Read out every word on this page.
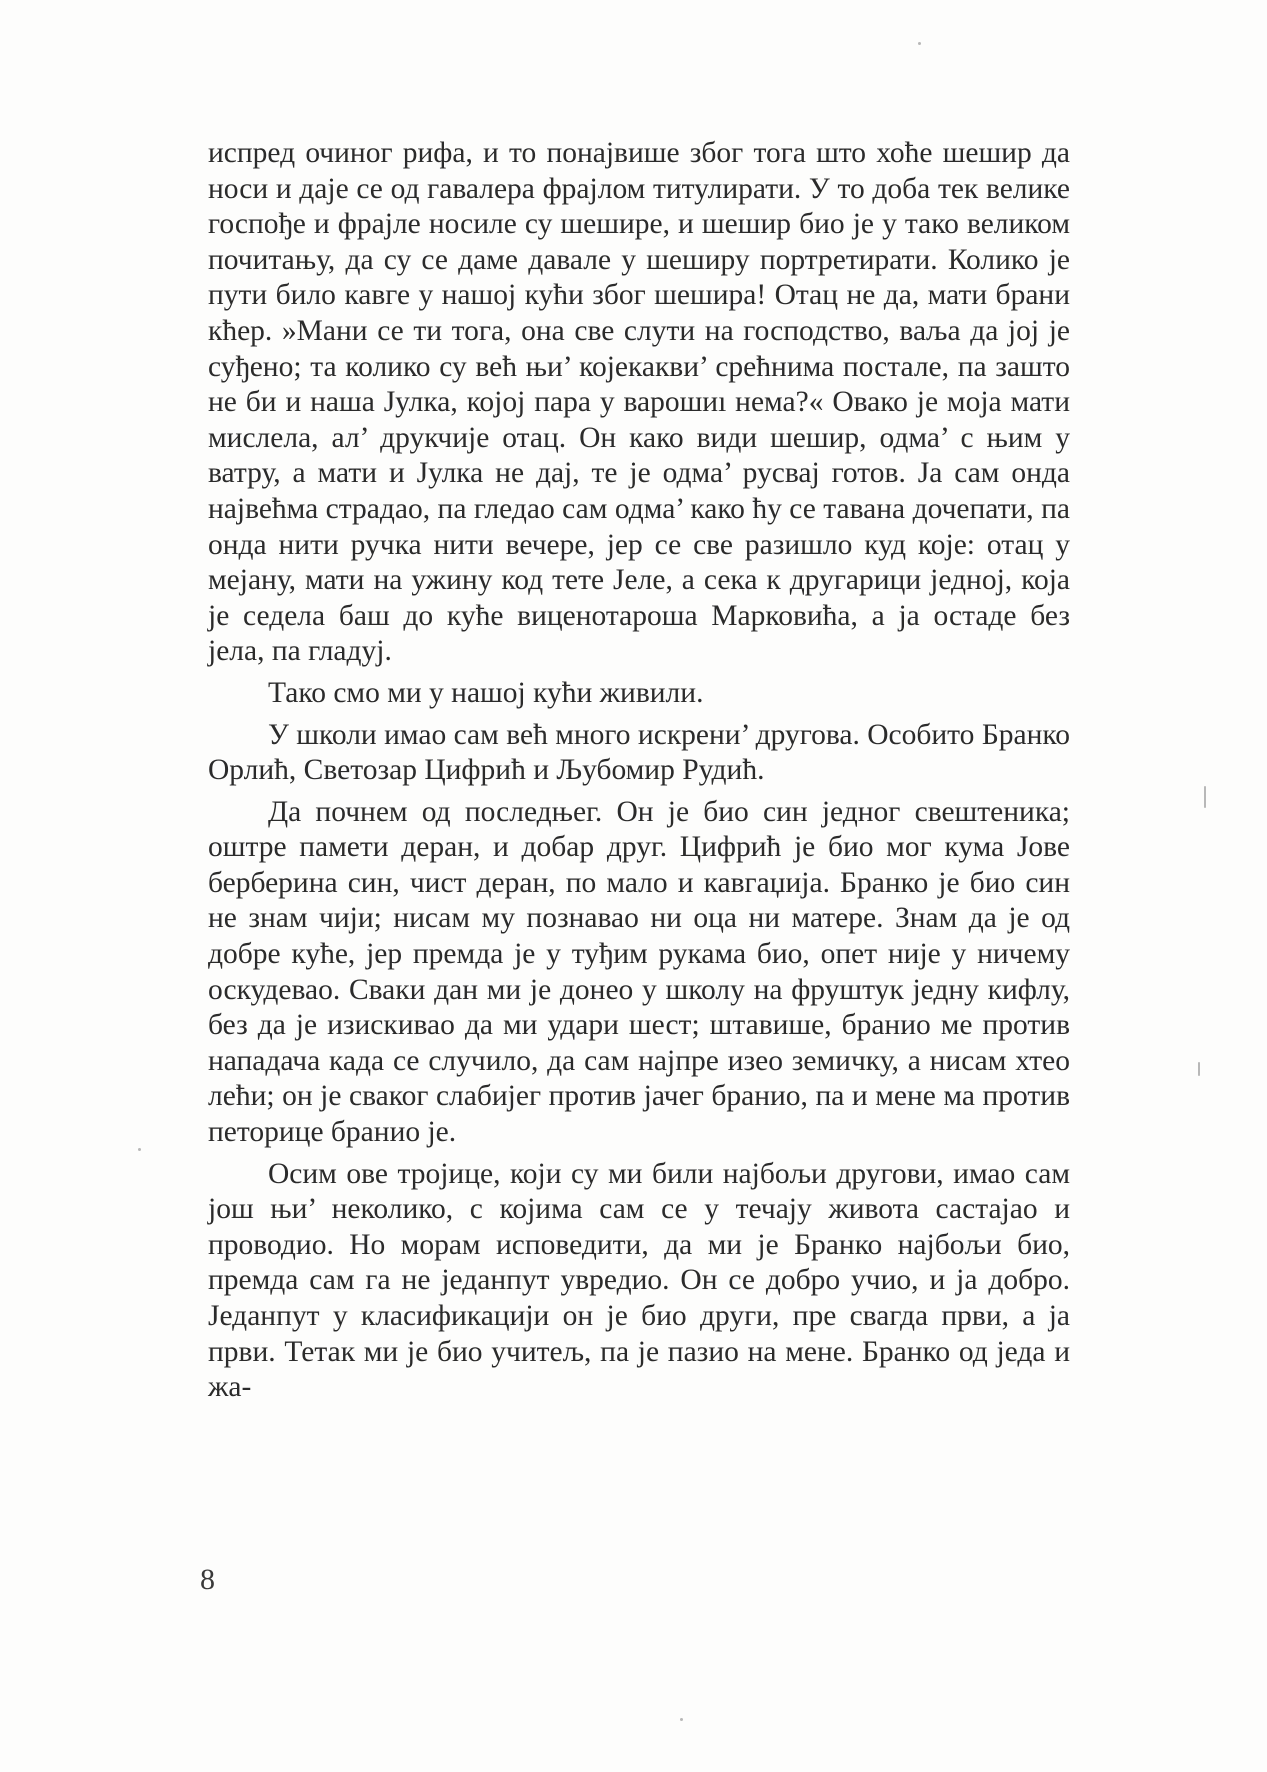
испред очиног рифа, и то понајвише због тога што хоће шешир да носи и даје се од гавалера фрајлом титулирати. У то доба тек велике госпође и фрајле носиле су шешире, и шешир био је у тако великом почитању, да су се даме давале у шеширу портретирати. Колико је пути било кавге у нашој кући због шешира! Отац не да, мати брани кћер. »Мани се ти тога, она све слути на господство, ваља да јој је суђено; та колико су већ њи’ којекакви’ срећнима постале, па зашто не би и наша Јулка, којој пара у варошиı нема?« Овако је моја мати мислела, ал’ друкчије отац. Он како види шешир, одма’ с њим у ватру, а мати и Јулка не дај, те је одма’ русвај готов. Ја сам онда највећма страдао, па гледао сам одма’ како ћу се тавана дочепати, па онда нити ручка нити вечере, јер се све разишло куд које: отац у мејану, мати на ужину код тете Јеле, а сека к другарици једној, која је седела баш до куће виценотароша Марковића, а ја остаде без јела, па гладуј.

Тако смо ми у нашој кући живили.

У школи имао сам већ много искрени’ другова. Особито Бранко Орлић, Светозар Цифрић и Љубомир Рудић.

Да почнем од последњег. Он је био син једног свештеника; оштре памети деран, и добар друг. Цифрић је био мог кума Јове берберина син, чист деран, по мало и кавгаџија. Бранко је био син не знам чији; нисам му познавао ни оца ни матере. Знам да је од добре куће, јер премда је у туђим рукама био, опет није у ничему оскудевао. Сваки дан ми је донео у школу на фруштук једну кифлу, без да је изискивао да ми удари шест; штавише, бранио ме против нападача када се случило, да сам најпре изео земичку, а нисам хтео лећи; он је сваког слабијег против јачег бранио, па и мене ма против петорице бранио је.

Осим ове тројице, који су ми били најбољи другови, имао сам још њи’ неколико, с којима сам се у течају живота састајао и проводио. Но морам исповедити, да ми је Бранко најбољи био, премда сам га не једанпут увредио. Он се добро учио, и ја добро. Једанпут у класификацији он је био други, пре свагда први, а ја први. Тетак ми је био учитељ, па је пазио на мене. Бранко од једа и жа-

8
